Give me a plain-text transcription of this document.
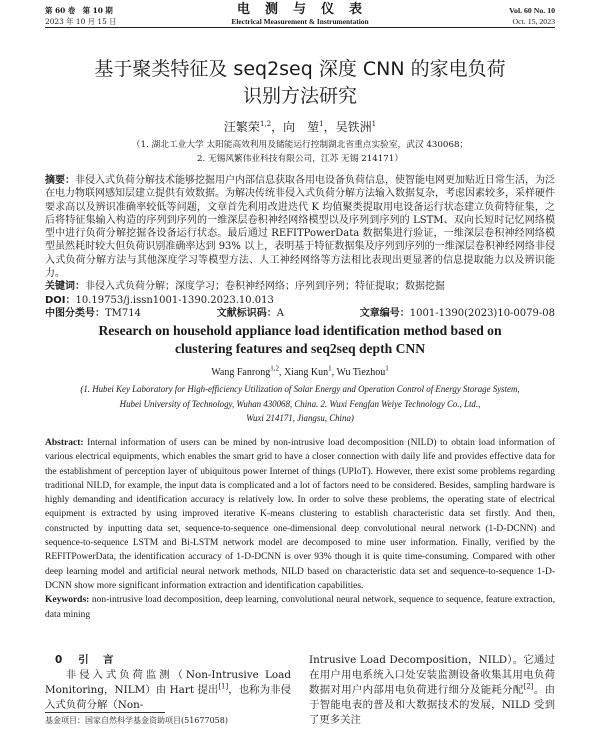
第 60 卷　第 10 期
2023 年 10 月 15 日
电　测　与　仪　表
Electrical Measurement & Instrumentation
Vol. 60 No. 10
Oct. 15, 2023
基于聚类特征及 seq2seq 深度 CNN 的家电负荷
识别方法研究
汪繁荣$^{1,2}$，向　堃$^1$，吴铁洲$^1$
（1. 湖北工业大学 太阳能高效利用及储能运行控制湖北省重点实验室，武汉 430068；
2. 无锡风繁伟业科技有限公司，江苏 无锡 214171）

摘要：非侵入式负荷分解技术能够挖掘用户内部信息获取各用电设备负荷信息，使智能电网更加贴近日常生活，为泛在电力物联网感知层建立提供有效数据。为解决传统非侵入式负荷分解方法输入数据复杂，考虑因素较多，采样硬件要求高以及辨识准确率较低等问题，文章首先利用改进迭代 K 均值聚类提取用电设备运行状态建立负荷特征集，之后将特征集输入构造的序列到序列的一维深层卷积神经网络模型以及序列到序列的 LSTM、双向长短时记忆网络模型中进行负荷分解挖掘各设备运行状态。最后通过 REFITPowerData 数据集进行验证，一维深层卷积神经网络模型虽然耗时较大但负荷识别准确率达到 93% 以上，表明基于特征数据集及序列到序列的一维深层卷积神经网络非侵入式负荷分解方法与其他深度学习等模型方法、人工神经网络等方法相比表现出更显著的信息提取能力以及辨识能力。

关键词：非侵入式负荷分解；深度学习；卷积神经网络；序列到序列；特征提取；数据挖掘

DOI：10.19753/j.issn1001-1390.2023.10.013

中图分类号：TM714	文献标识码：A	文章编号：1001-1390(2023)10-0079-08
Research on household appliance load identification method based on
clustering features and seq2seq depth CNN
Wang Fanrong$^{1,2}$, Xiang Kun$^1$, Wu Tiezhou$^1$
(1. Hubei Key Laboratory for High-efficiency Utilization of Solar Energy and Operation Control of Energy Storage System,
Hubei University of Technology, Wuhan 430068, China. 2. Wuxi Fengfan Weiye Technology Co., Ltd.,
Wuxi 214171, Jiangsu, China)

Abstract: Internal information of users can be mined by non-intrusive load decomposition (NILD) to obtain load information of various electrical equipments, which enables the smart grid to have a closer connection with daily life and provides effective data for the establishment of perception layer of ubiquitous power Internet of things (UPIoT). However, there exist some problems regarding traditional NILD, for example, the input data is complicated and a lot of factors need to be considered. Besides, sampling hardware is highly demanding and identification accuracy is relatively low. In order to solve these problems, the operating state of electrical equipment is extracted by using improved iterative K-means clustering to establish characteristic data set firstly. And then, constructed by inputting data set, sequence-to-sequence one-dimensional deep convolutional neural network (1-D-DCNN) and sequence-to-sequence LSTM and Bi-LSTM network model are decomposed to mine user information. Finally, verified by the REFITPowerData, the identification accuracy of 1-D-DCNN is over 93% though it is quite time-consuming. Compared with other deep learning model and artificial neural network methods, NILD based on characteristic data set and sequence-to-sequence 1-D-DCNN show more significant information extraction and identification capabilities.

Keywords: non-intrusive load decomposition, deep learning, convolutional neural network, sequence to sequence, feature extraction, data mining

0 引　言

非侵入式负荷监测（Non-Intrusive Load Monitoring，NILM）由 Hart 提出[1]，也称为非侵入式负荷分解（Non-

Intrusive Load Decomposition，NILD）。它通过在用户用电系统入口处安装监测设备收集其用电负荷数据对用户内部用电负荷进行细分及能耗分配[2]。由于智能电表的普及和大数据技术的发展，NILD 受到了更多关注

基金项目：国家自然科学基金资助项目(51677058)
